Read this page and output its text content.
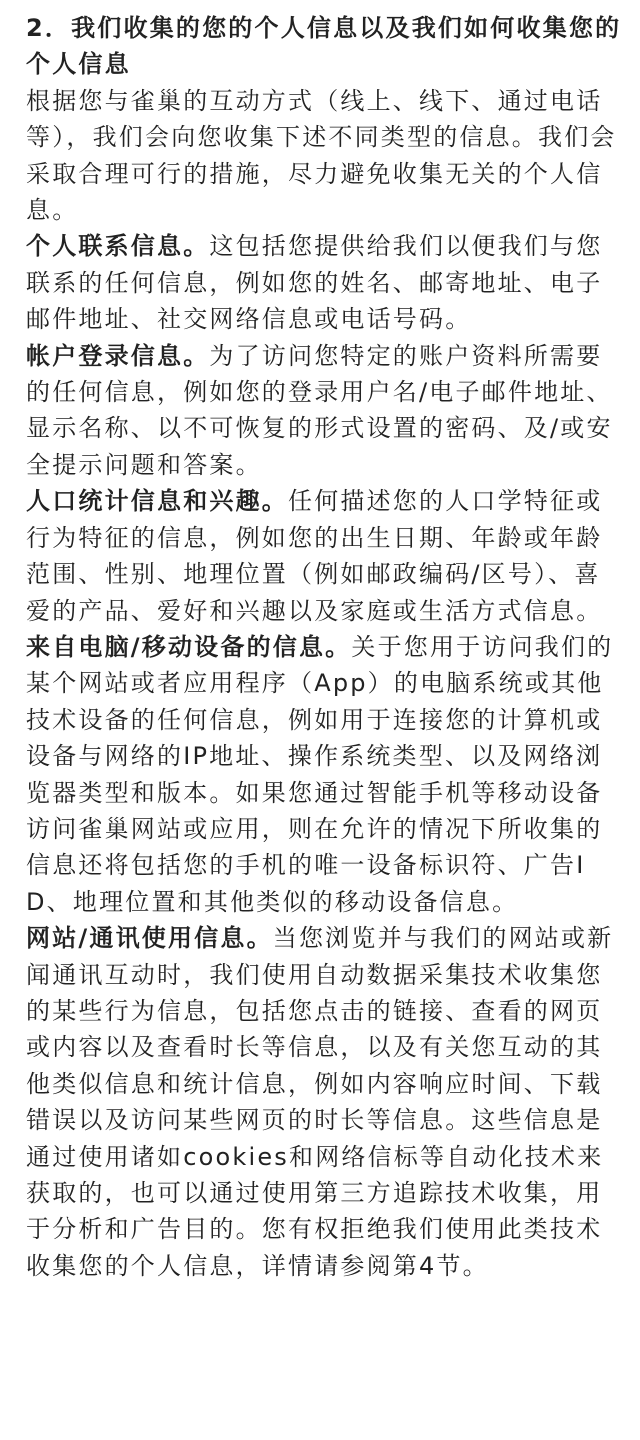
2．我们收集的您的个人信息以及我们如何收集您的个人信息

根据您与雀巢的互动方式（线上、线下、通过电话等），我们会向您收集下述不同类型的信息。我们会采取合理可行的措施，尽力避免收集无关的个人信息。

个人联系信息。这包括您提供给我们以便我们与您联系的任何信息，例如您的姓名、邮寄地址、电子邮件地址、社交网络信息或电话号码。

帐户登录信息。为了访问您特定的账户资料所需要的任何信息，例如您的登录用户名/电子邮件地址、显示名称、以不可恢复的形式设置的密码、及/或安全提示问题和答案。

人口统计信息和兴趣。任何描述您的人口学特征或行为特征的信息，例如您的出生日期、年龄或年龄范围、性别、地理位置（例如邮政编码/区号）、喜爱的产品、爱好和兴趣以及家庭或生活方式信息。

来自电脑/移动设备的信息。关于您用于访问我们的某个网站或者应用程序（App）的电脑系统或其他技术设备的任何信息，例如用于连接您的计算机或设备与网络的IP地址、操作系统类型、以及网络浏览器类型和版本。如果您通过智能手机等移动设备访问雀巢网站或应用，则在允许的情况下所收集的信息还将包括您的手机的唯一设备标识符、广告ID、地理位置和其他类似的移动设备信息。

网站/通讯使用信息。当您浏览并与我们的网站或新闻通讯互动时，我们使用自动数据采集技术收集您的某些行为信息，包括您点击的链接、查看的网页或内容以及查看时长等信息，以及有关您互动的其他类似信息和统计信息，例如内容响应时间、下载错误以及访问某些网页的时长等信息。这些信息是通过使用诸如cookies和网络信标等自动化技术来获取的，也可以通过使用第三方追踪技术收集，用于分析和广告目的。您有权拒绝我们使用此类技术收集您的个人信息，详情请参阅第4节。
